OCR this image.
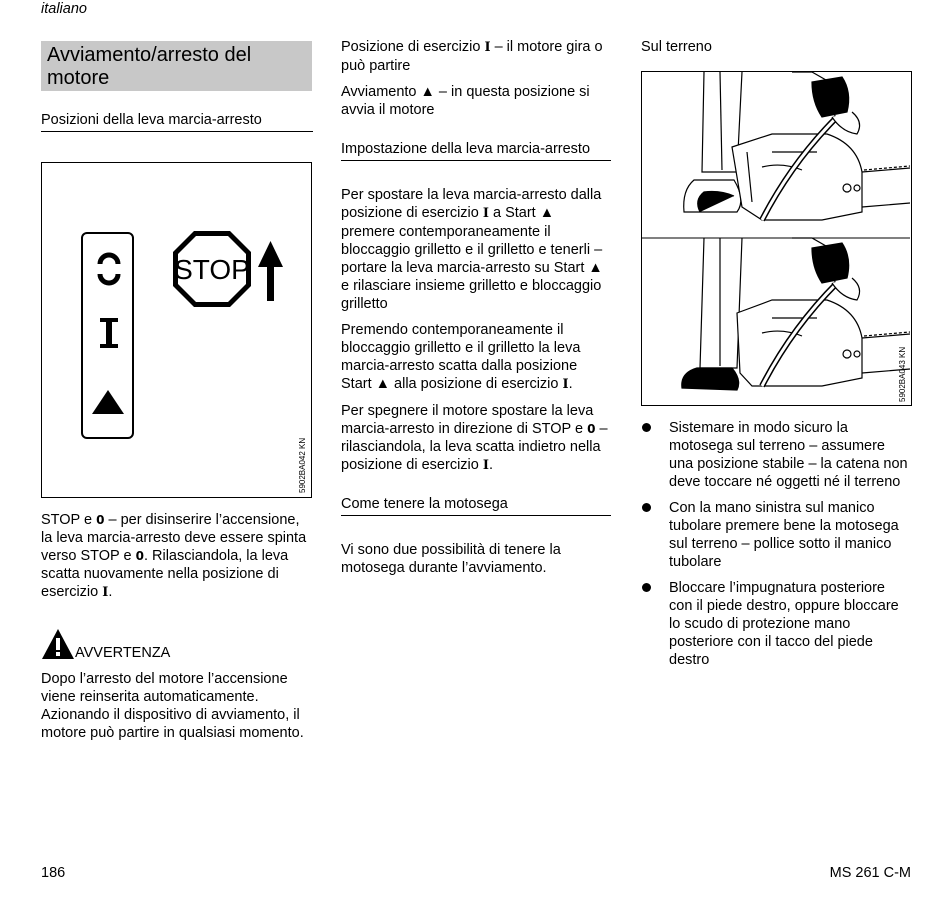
italiano
Avviamento/arresto del motore
Posizioni della leva marcia-arresto
STOP
5902BA042 KN

STOP e 0 – per disinserire l’accensione, la leva marcia-arresto deve essere spinta verso STOP e 0. Rilasciandola, la leva scatta nuovamente nella posizione di esercizio I.

AVVERTENZA

Dopo l’arresto del motore l’accensione viene reinserita automaticamente. Azionando il dispositivo di avviamento, il motore può partire in qualsiasi momento.

Posizione di esercizio I – il motore gira o può partire

Avviamento ▲ – in questa posizione si avvia il motore

Impostazione della leva marcia-arresto

Per spostare la leva marcia-arresto dalla posizione di esercizio I a Start ▲ premere contemporaneamente il bloccaggio grilletto e il grilletto e tenerli – portare la leva marcia-arresto su Start ▲ e rilasciare insieme grilletto e bloccaggio grilletto

Premendo contemporaneamente il bloccaggio grilletto e il grilletto la leva marcia-arresto scatta dalla posizione Start ▲ alla posizione di esercizio I.

Per spegnere il motore spostare la leva marcia-arresto in direzione di STOP e 0 – rilasciandola, la leva scatta indietro nella posizione di esercizio I.

Come tenere la motosega

Vi sono due possibilità di tenere la motosega durante l’avviamento.

Sul terreno
5902BA043 KN
Sistemare in modo sicuro la motosega sul terreno – assumere una posizione stabile – la catena non deve toccare né oggetti né il terreno
Con la mano sinistra sul manico tubolare premere bene la motosega sul terreno – pollice sotto il manico tubolare
Bloccare l’impugnatura posteriore con il piede destro, oppure bloccare lo scudo di protezione mano posteriore con il tacco del piede destro
186	MS 261 C-M
